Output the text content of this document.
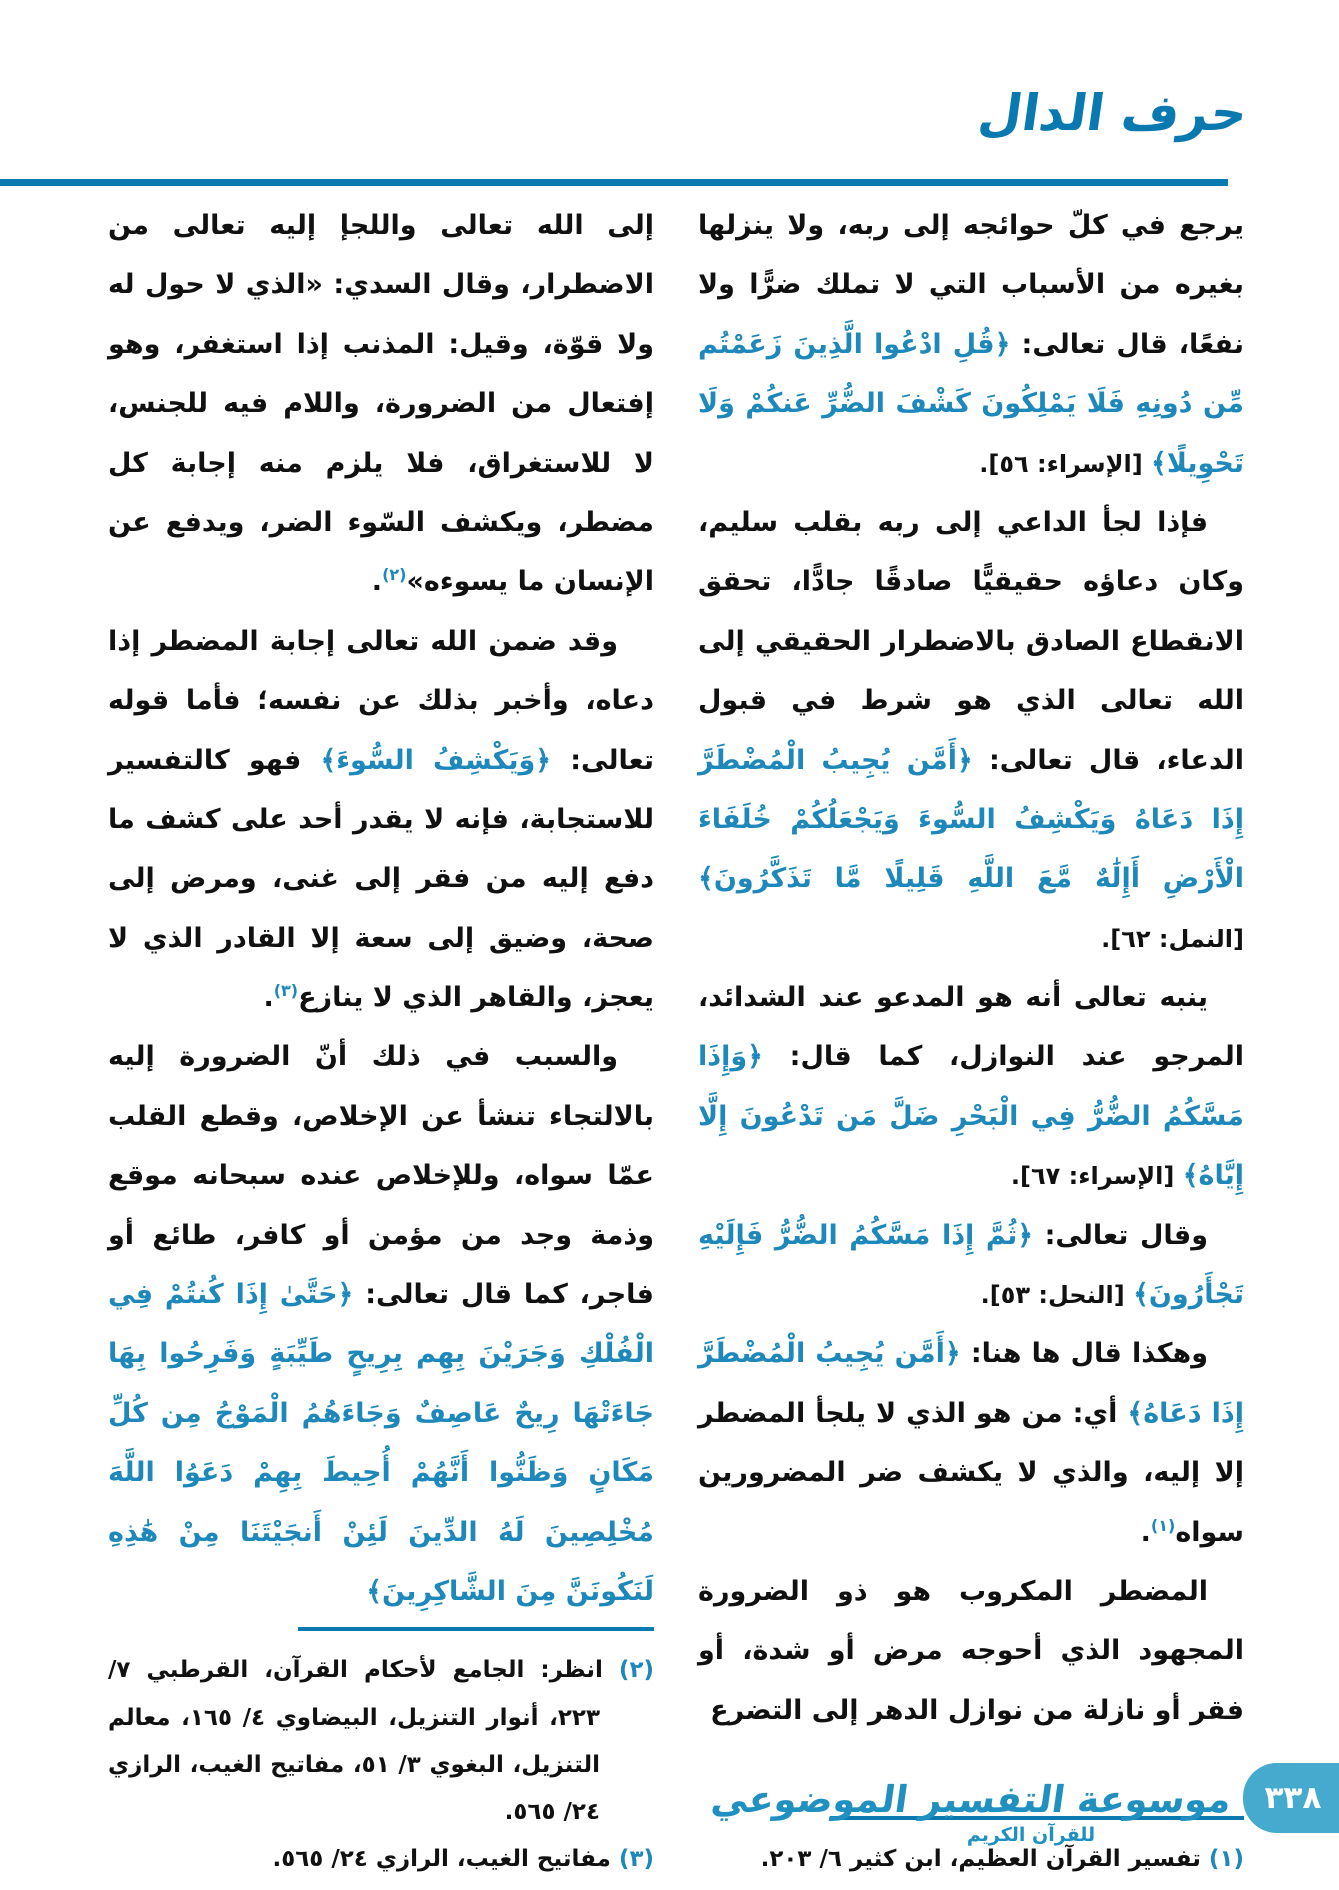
حرف الدال

يرجع في كلّ حوائجه إلى ربه، ولا ينزلها بغيره من الأسباب التي لا تملك ضرًّا ولا نفعًا، قال تعالى: ﴿قُلِ ادْعُوا الَّذِينَ زَعَمْتُم مِّن دُونِهِ فَلَا يَمْلِكُونَ كَشْفَ الضُّرِّ عَنكُمْ وَلَا تَحْوِيلًا﴾ [الإسراء: ٥٦].

فإذا لجأ الداعي إلى ربه بقلب سليم، وكان دعاؤه حقيقيًّا صادقًا جادًّا، تحقق الانقطاع الصادق بالاضطرار الحقيقي إلى الله تعالى الذي هو شرط في قبول الدعاء، قال تعالى: ﴿أَمَّن يُجِيبُ الْمُضْطَرَّ إِذَا دَعَاهُ وَيَكْشِفُ السُّوءَ وَيَجْعَلُكُمْ خُلَفَاءَ الْأَرْضِ أَإِلَٰهٌ مَّعَ اللَّهِ قَلِيلًا مَّا تَذَكَّرُونَ﴾ [النمل: ٦٢].

ينبه تعالى أنه هو المدعو عند الشدائد، المرجو عند النوازل، كما قال: ﴿وَإِذَا مَسَّكُمُ الضُّرُّ فِي الْبَحْرِ ضَلَّ مَن تَدْعُونَ إِلَّا إِيَّاهُ﴾ [الإسراء: ٦٧].

وقال تعالى: ﴿ثُمَّ إِذَا مَسَّكُمُ الضُّرُّ فَإِلَيْهِ تَجْأَرُونَ﴾ [النحل: ٥٣].

وهكذا قال ها هنا: ﴿أَمَّن يُجِيبُ الْمُضْطَرَّ إِذَا دَعَاهُ﴾ أي: من هو الذي لا يلجأ المضطر إلا إليه، والذي لا يكشف ضر المضرورين سواه$^{(١)}$.

المضطر المكروب هو ذو الضرورة المجهود الذي أحوجه مرض أو شدة، أو فقر أو نازلة من نوازل الدهر إلى التضرع

(١) تفسير القرآن العظيم، ابن كثير ٦/ ٢٠٣.

إلى الله تعالى واللجإ إليه تعالى من الاضطرار، وقال السدي: «الذي لا حول له ولا قوّة، وقيل: المذنب إذا استغفر، وهو إفتعال من الضرورة، واللام فيه للجنس، لا للاستغراق، فلا يلزم منه إجابة كل مضطر، ويكشف السّوء الضر، ويدفع عن الإنسان ما يسوءه»$^{(٢)}$.

وقد ضمن الله تعالى إجابة المضطر إذا دعاه، وأخبر بذلك عن نفسه؛ فأما قوله تعالى: ﴿وَيَكْشِفُ السُّوءَ﴾ فهو كالتفسير للاستجابة، فإنه لا يقدر أحد على كشف ما دفع إليه من فقر إلى غنى، ومرض إلى صحة، وضيق إلى سعة إلا القادر الذي لا يعجز، والقاهر الذي لا ينازع$^{(٣)}$.

والسبب في ذلك أنّ الضرورة إليه بالالتجاء تنشأ عن الإخلاص، وقطع القلب عمّا سواه، وللإخلاص عنده سبحانه موقع وذمة وجد من مؤمن أو كافر، طائع أو فاجر، كما قال تعالى: ﴿حَتَّىٰ إِذَا كُنتُمْ فِي الْفُلْكِ وَجَرَيْنَ بِهِم بِرِيحٍ طَيِّبَةٍ وَفَرِحُوا بِهَا جَاءَتْهَا رِيحٌ عَاصِفٌ وَجَاءَهُمُ الْمَوْجُ مِن كُلِّ مَكَانٍ وَظَنُّوا أَنَّهُمْ أُحِيطَ بِهِمْ دَعَوُا اللَّهَ مُخْلِصِينَ لَهُ الدِّينَ لَئِنْ أَنجَيْتَنَا مِنْ هَٰذِهِ لَنَكُونَنَّ مِنَ الشَّاكِرِينَ﴾

(٢) انظر: الجامع لأحكام القرآن، القرطبي ٧/ ٢٢٣، أنوار التنزيل، البيضاوي ٤/ ١٦٥، معالم التنزيل، البغوي ٣/ ٥١، مفاتيح الغيب، الرازي ٢٤/ ٥٦٥.
(٣) مفاتيح الغيب، الرازي ٢٤/ ٥٦٥.
موسوعة التفسير الموضوعي
للقرآن الكريم
٣٣٨
